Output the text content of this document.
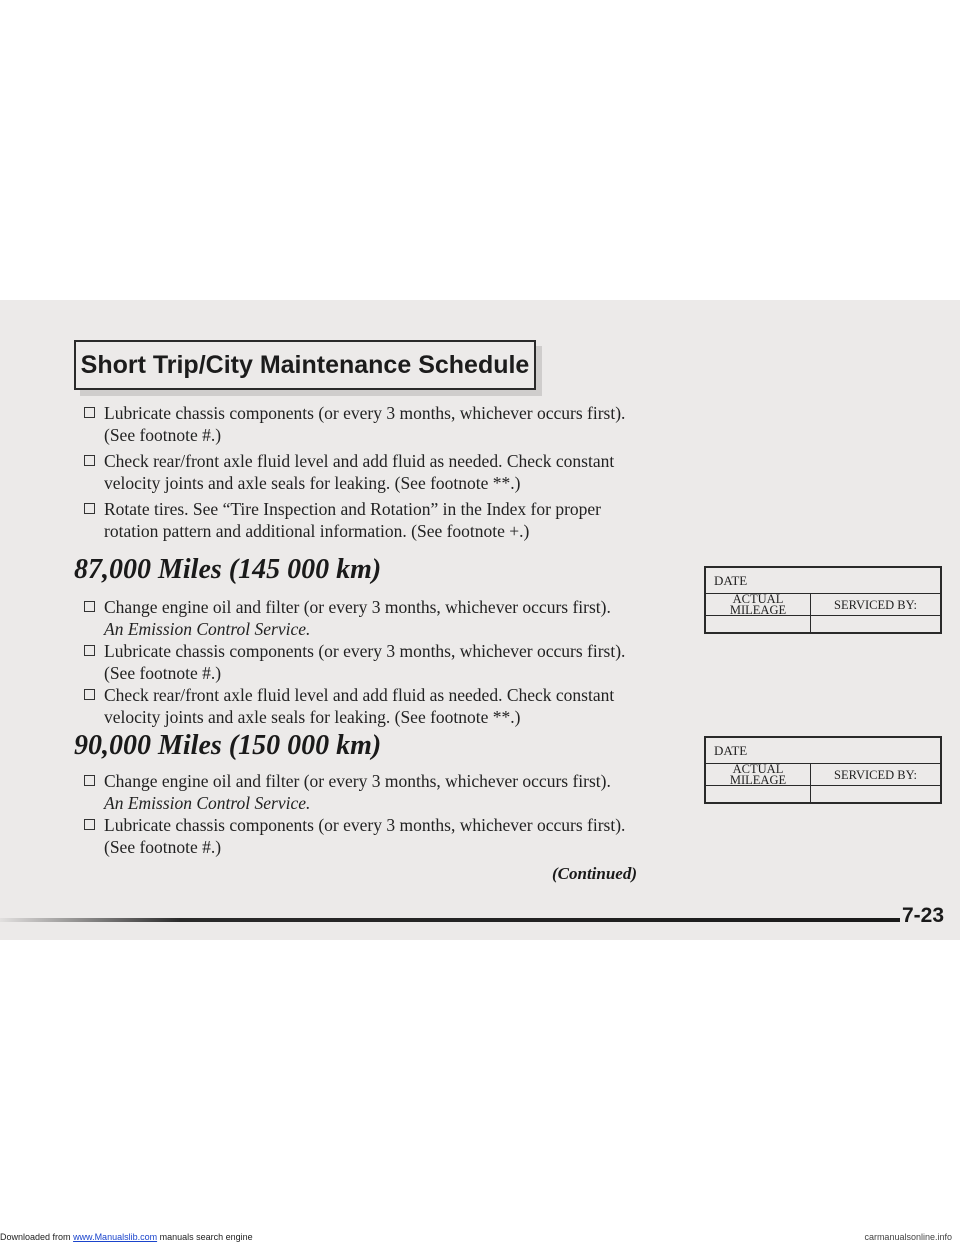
Short Trip/City Maintenance Schedule
Lubricate chassis components (or every 3 months, whichever occurs first).
(See footnote #.)
Check rear/front axle fluid level and add fluid as needed. Check constant
velocity joints and axle seals for leaking. (See footnote **.)
Rotate tires. See “Tire Inspection and Rotation” in the Index for proper
rotation pattern and additional information. (See footnote +.)
87,000 Miles (145 000 km)
Change engine oil and filter (or every 3 months, whichever occurs first).
An Emission Control Service.
Lubricate chassis components (or every 3 months, whichever occurs first).
(See footnote #.)
Check rear/front axle fluid level and add fluid as needed. Check constant
velocity joints and axle seals for leaking. (See footnote **.)
DATE
ACTUAL
MILEAGE	SERVICED BY:
90,000 Miles (150 000 km)
Change engine oil and filter (or every 3 months, whichever occurs first).
An Emission Control Service.
Lubricate chassis components (or every 3 months, whichever occurs first).
(See footnote #.)
DATE
ACTUAL
MILEAGE	SERVICED BY:
(Continued)
7-23
Downloaded from www.Manualslib.com manuals search engine	carmanualsonline.info
